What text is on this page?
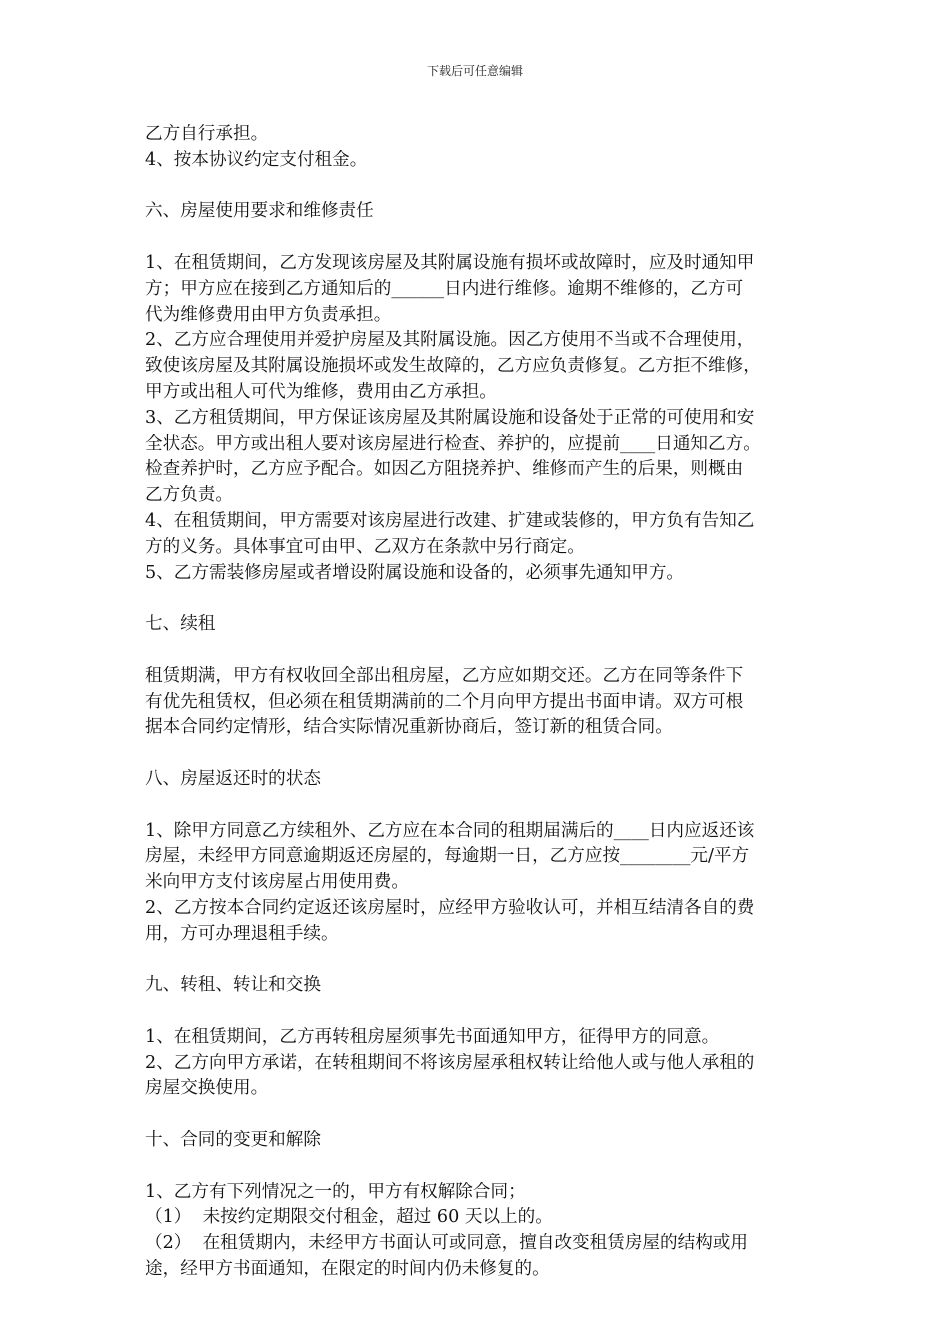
下载后可任意编辑
乙方自行承担。
4、按本协议约定支付租金。
六、房屋使用要求和维修责任
1、在租赁期间，乙方发现该房屋及其附属设施有损坏或故障时，应及时通知甲
方；甲方应在接到乙方通知后的______日内进行维修。逾期不维修的，乙方可
代为维修费用由甲方负责承担。
2、乙方应合理使用并爱护房屋及其附属设施。因乙方使用不当或不合理使用，
致使该房屋及其附属设施损坏或发生故障的，乙方应负责修复。乙方拒不维修，
甲方或出租人可代为维修，费用由乙方承担。
3、乙方租赁期间，甲方保证该房屋及其附属设施和设备处于正常的可使用和安
全状态。甲方或出租人要对该房屋进行检查、养护的，应提前____日通知乙方。
检查养护时，乙方应予配合。如因乙方阻挠养护、维修而产生的后果，则概由
乙方负责。
4、在租赁期间，甲方需要对该房屋进行改建、扩建或装修的，甲方负有告知乙
方的义务。具体事宜可由甲、乙双方在条款中另行商定。
5、乙方需装修房屋或者增设附属设施和设备的，必须事先通知甲方。
七、续租
租赁期满，甲方有权收回全部出租房屋，乙方应如期交还。乙方在同等条件下
有优先租赁权，但必须在租赁期满前的二个月向甲方提出书面申请。双方可根
据本合同约定情形，结合实际情况重新协商后，签订新的租赁合同。
八、房屋返还时的状态
1、除甲方同意乙方续租外、乙方应在本合同的租期届满后的____日内应返还该
房屋，未经甲方同意逾期返还房屋的，每逾期一日，乙方应按________元/平方
米向甲方支付该房屋占用使用费。
2、乙方按本合同约定返还该房屋时，应经甲方验收认可，并相互结清各自的费
用，方可办理退租手续。
九、转租、转让和交换
1、在租赁期间，乙方再转租房屋须事先书面通知甲方，征得甲方的同意。
2、乙方向甲方承诺，在转租期间不将该房屋承租权转让给他人或与他人承租的
房屋交换使用。
十、合同的变更和解除
1、乙方有下列情况之一的，甲方有权解除合同；
（1）  未按约定期限交付租金，超过 60 天以上的。
（2）  在租赁期内，未经甲方书面认可或同意，擅自改变租赁房屋的结构或用
途，经甲方书面通知，在限定的时间内仍未修复的。
